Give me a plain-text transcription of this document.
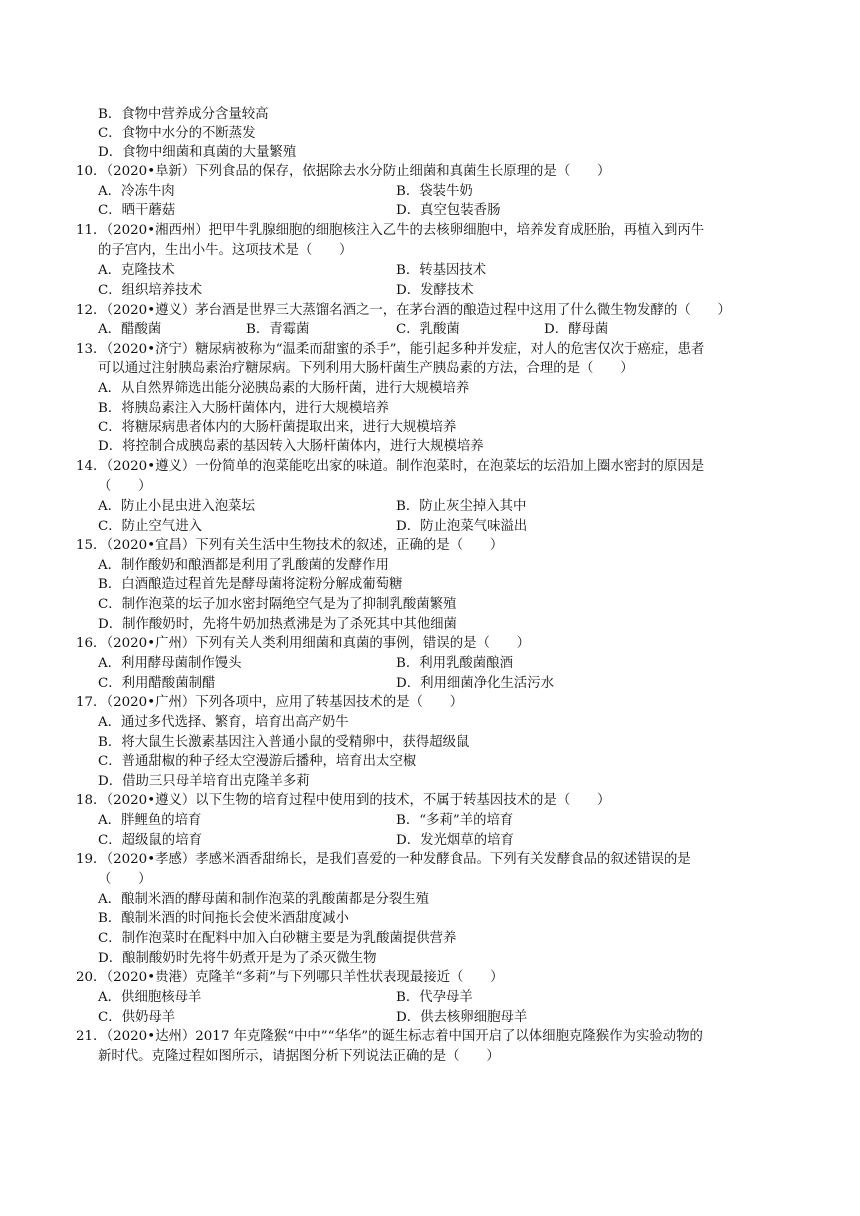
B．食物中营养成分含量较高
C．食物中水分的不断蒸发
D．食物中细菌和真菌的大量繁殖
10．（2020•阜新）下列食品的保存，依据除去水分防止细菌和真菌生长原理的是（　　）
A．冷冻牛肉	B．袋装牛奶
C．晒干蘑菇	D．真空包装香肠
11．（2020•湘西州）把甲牛乳腺细胞的细胞核注入乙牛的去核卵细胞中，培养发育成胚胎，再植入到丙牛
的子宫内，生出小牛。这项技术是（　　）
A．克隆技术	B．转基因技术
C．组织培养技术	D．发酵技术
12．（2020•遵义）茅台酒是世界三大蒸馏名酒之一，在茅台酒的酿造过程中这用了什么微生物发酵的（　　）
A．醋酸菌	B．青霉菌	C．乳酸菌	D．酵母菌
13．（2020•济宁）糖尿病被称为“温柔而甜蜜的杀手”，能引起多种并发症，对人的危害仅次于癌症，患者
可以通过注射胰岛素治疗糖尿病。下列利用大肠杆菌生产胰岛素的方法，合理的是（　　）
A．从自然界筛选出能分泌胰岛素的大肠杆菌，进行大规模培养
B．将胰岛素注入大肠杆菌体内，进行大规模培养
C．将糖尿病患者体内的大肠杆菌提取出来，进行大规模培养
D．将控制合成胰岛素的基因转入大肠杆菌体内，进行大规模培养
14．（2020•遵义）一份简单的泡菜能吃出家的味道。制作泡菜时，在泡菜坛的坛沿加上圈水密封的原因是
（　　）
A．防止小昆虫进入泡菜坛	B．防止灰尘掉入其中
C．防止空气进入	D．防止泡菜气味溢出
15．（2020•宜昌）下列有关生活中生物技术的叙述，正确的是（　　）
A．制作酸奶和酿酒都是利用了乳酸菌的发酵作用
B．白酒酿造过程首先是酵母菌将淀粉分解成葡萄糖
C．制作泡菜的坛子加水密封隔绝空气是为了抑制乳酸菌繁殖
D．制作酸奶时，先将牛奶加热煮沸是为了杀死其中其他细菌
16．（2020•广州）下列有关人类利用细菌和真菌的事例，错误的是（　　）
A．利用酵母菌制作馒头	B．利用乳酸菌酿酒
C．利用醋酸菌制醋	D．利用细菌净化生活污水
17．（2020•广州）下列各项中，应用了转基因技术的是（　　）
A．通过多代选择、繁育，培育出高产奶牛
B．将大鼠生长激素基因注入普通小鼠的受精卵中，获得超级鼠
C．普通甜椒的种子经太空漫游后播种，培育出太空椒
D．借助三只母羊培育出克隆羊多莉
18．（2020•遵义）以下生物的培育过程中使用到的技术，不属于转基因技术的是（　　）
A．胖鲤鱼的培育	B．“多莉”羊的培育
C．超级鼠的培育	D．发光烟草的培育
19．（2020•孝感）孝感米酒香甜绵长，是我们喜爱的一种发酵食品。下列有关发酵食品的叙述错误的是
（　　）
A．酿制米酒的酵母菌和制作泡菜的乳酸菌都是分裂生殖
B．酿制米酒的时间拖长会使米酒甜度减小
C．制作泡菜时在配料中加入白砂糖主要是为乳酸菌提供营养
D．酿制酸奶时先将牛奶煮开是为了杀灭微生物
20．（2020•贵港）克隆羊“多莉”与下列哪只羊性状表现最接近（　　）
A．供细胞核母羊	B．代孕母羊
C．供奶母羊	D．供去核卵细胞母羊
21．（2020•达州）2017 年克隆猴“中中”“华华”的诞生标志着中国开启了以体细胞克隆猴作为实验动物的
新时代。克隆过程如图所示，请据图分析下列说法正确的是（　　）
